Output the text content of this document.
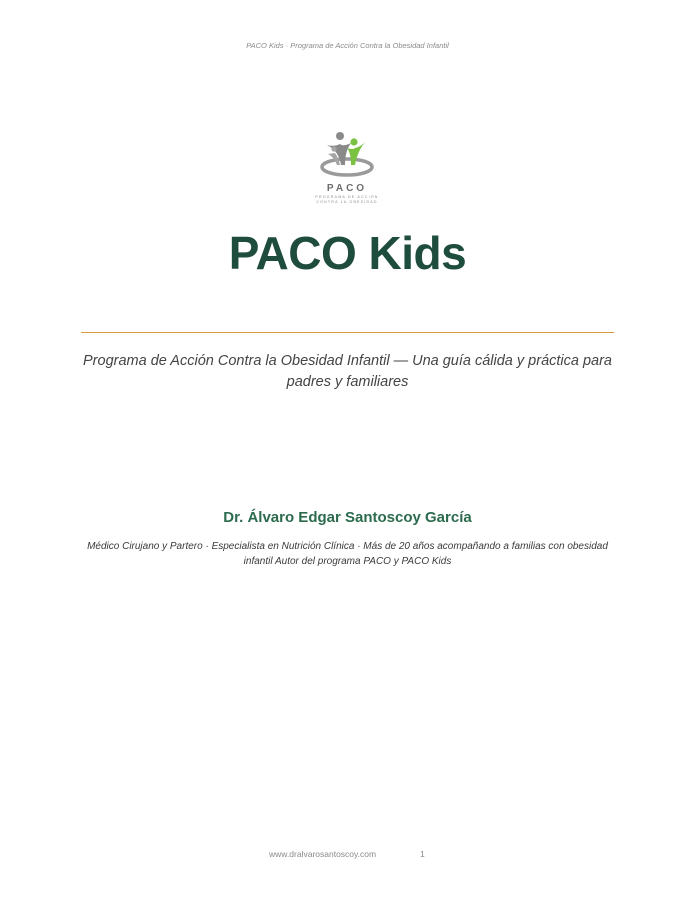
PACO Kids · Programa de Acción Contra la Obesidad Infantil
PACO
PROGRAMA DE ACCIÓN
CONTRA LA OBESIDAD
PACO Kids
Programa de Acción Contra la Obesidad Infantil — Una guía cálida y práctica para padres y familiares
Dr. Álvaro Edgar Santoscoy García
Médico Cirujano y Partero · Especialista en Nutrición Clínica · Más de 20 años acompañando a familias con obesidad infantil Autor del programa PACO y PACO Kids
www.dralvarosantoscoy.com	1
